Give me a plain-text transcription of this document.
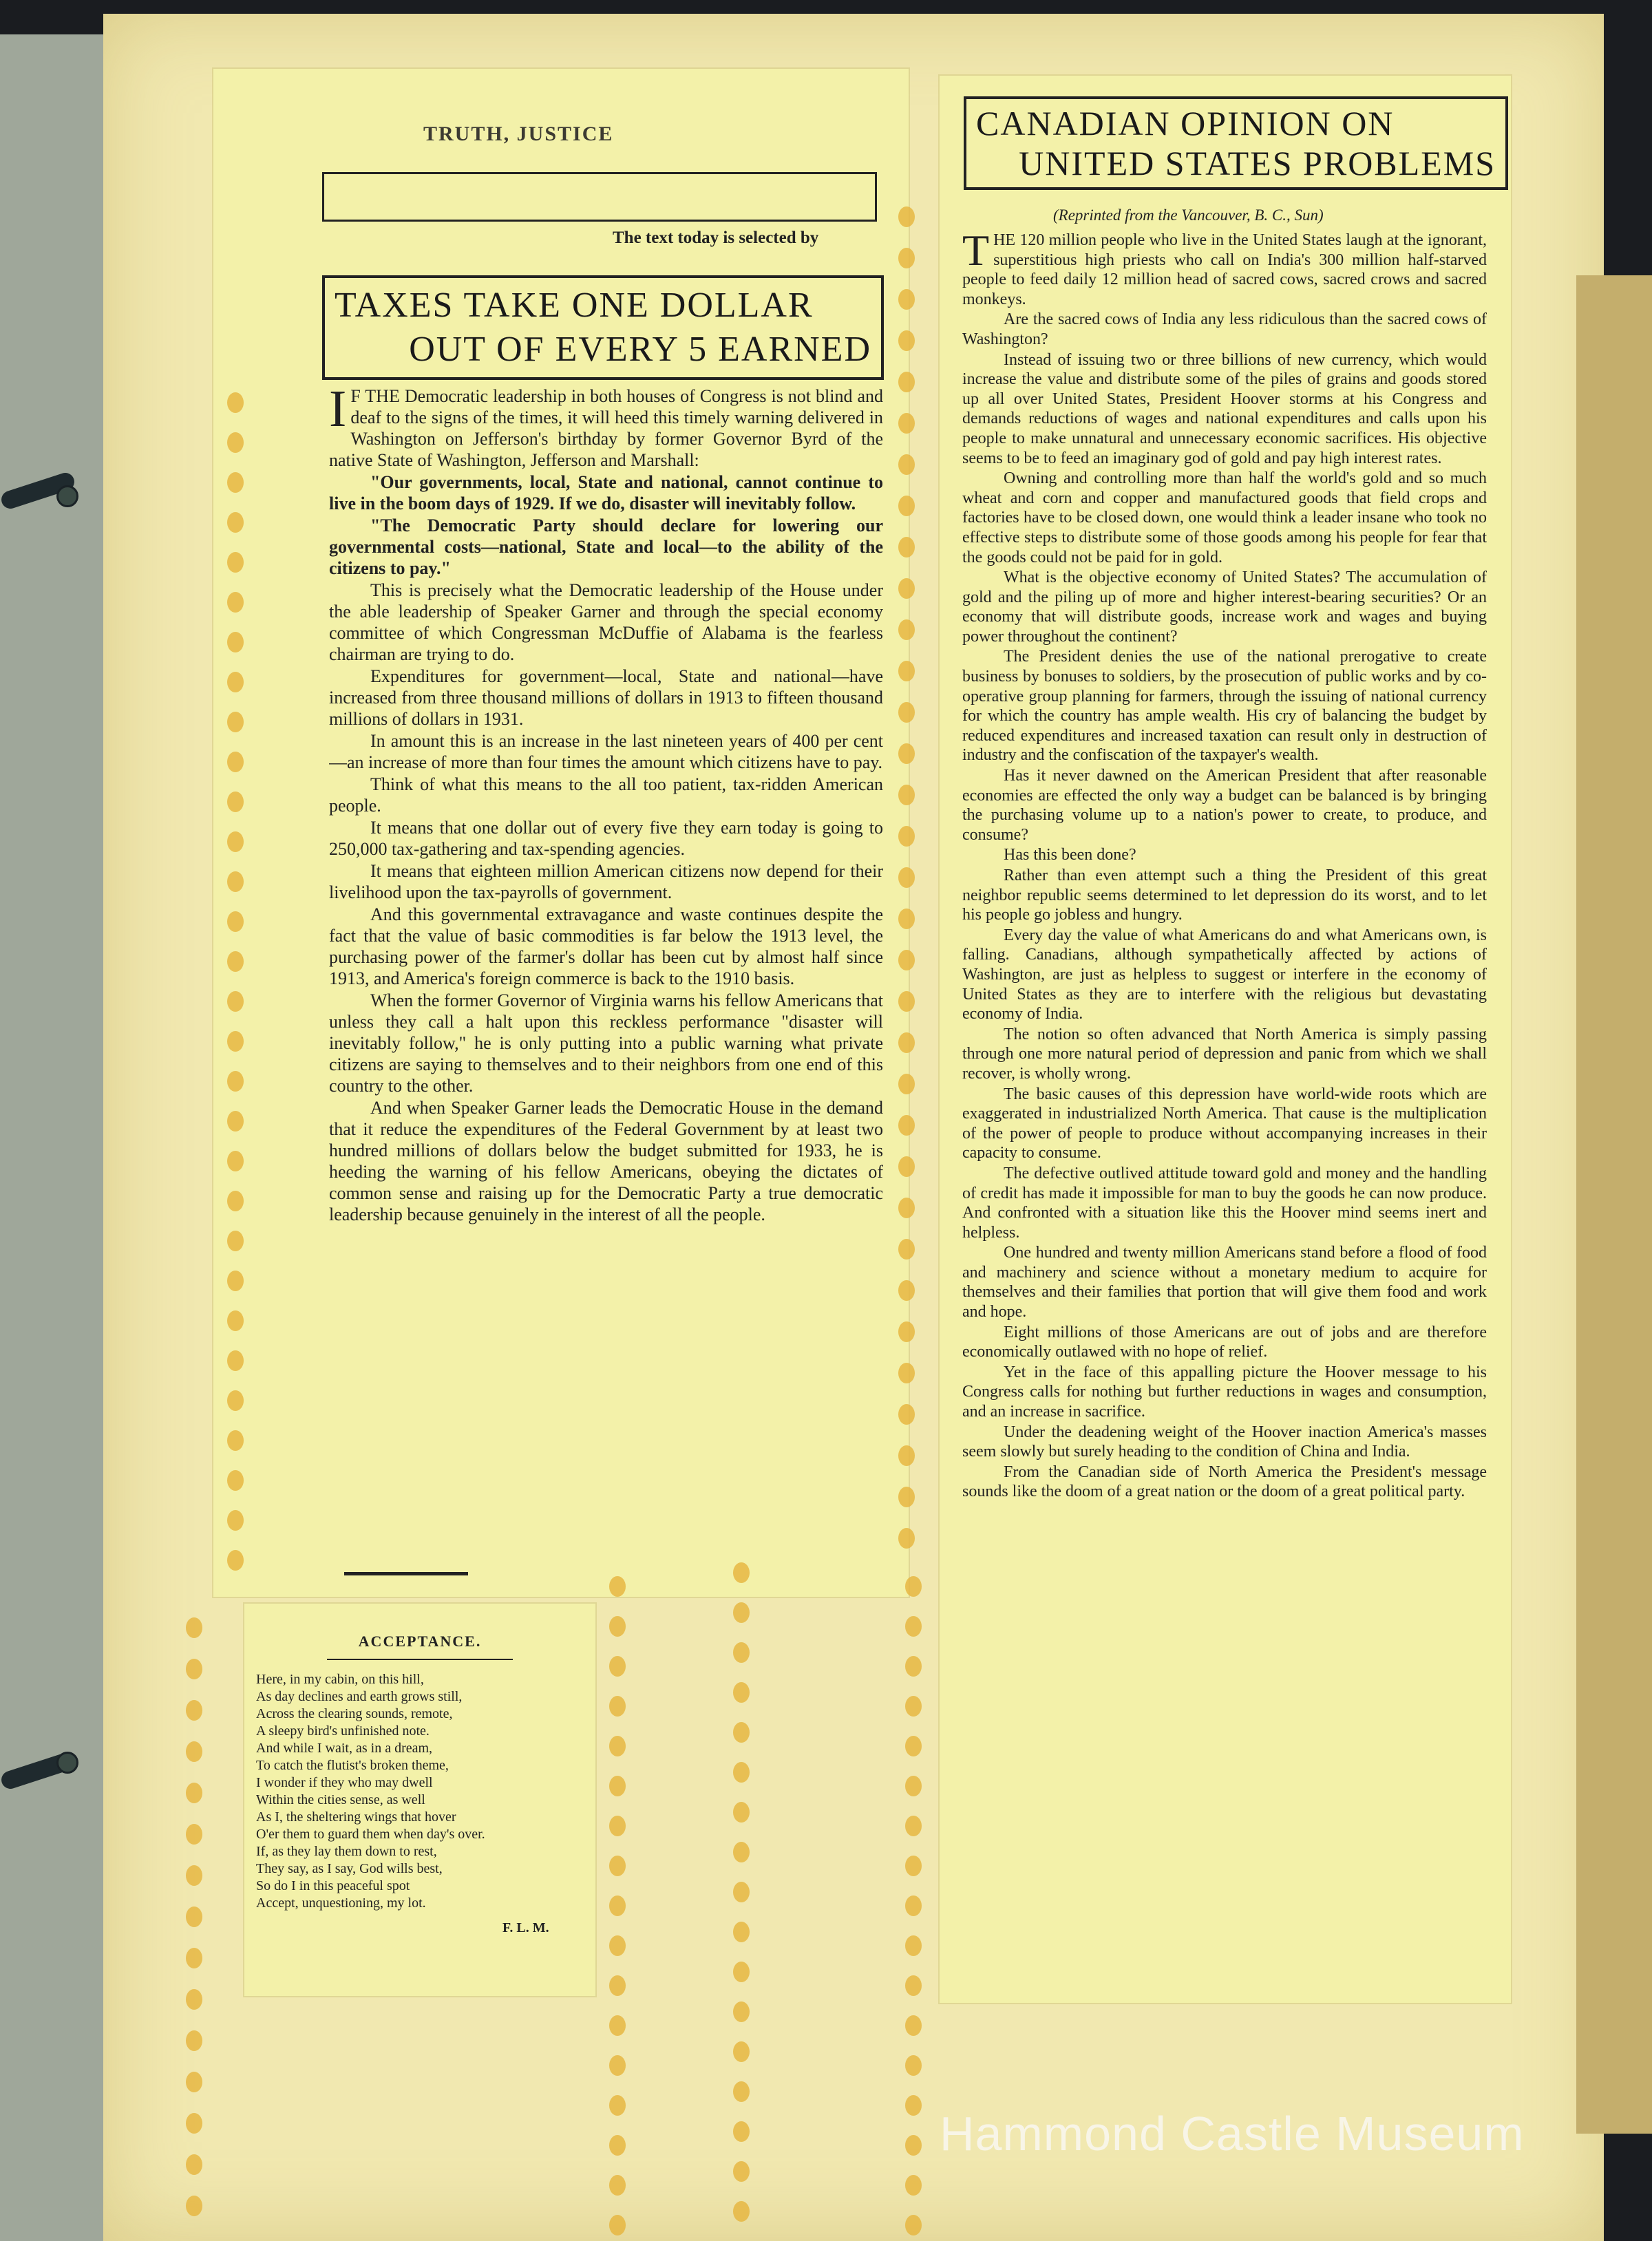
TRUTH, JUSTICE
The text today is selected by
TAXES TAKE ONE DOLLAR
OUT OF EVERY 5 EARNED

I F THE Democratic leadership in both houses of Congress is not blind and deaf to the signs of the times, it will heed this timely warning delivered in Washington on Jefferson's birthday by former Governor Byrd of the native State of Washington, Jefferson and Marshall:

"Our governments, local, State and national, cannot continue to live in the boom days of 1929. If we do, disaster will inevitably follow.

"The Democratic Party should declare for lowering our governmental costs—national, State and local—to the ability of the citizens to pay."

This is precisely what the Democratic leadership of the House under the able leadership of Speaker Garner and through the special economy committee of which Congressman McDuffie of Alabama is the fearless chairman are trying to do.

Expenditures for government—local, State and national—have increased from three thousand millions of dollars in 1913 to fifteen thousand millions of dollars in 1931.

In amount this is an increase in the last nineteen years of 400 per cent—an increase of more than four times the amount which citizens have to pay.

Think of what this means to the all too patient, tax-ridden American people.

It means that one dollar out of every five they earn today is going to 250,000 tax-gathering and tax-spending agencies.

It means that eighteen million American citizens now depend for their livelihood upon the tax-payrolls of government.

And this governmental extravagance and waste continues despite the fact that the value of basic commodities is far below the 1913 level, the purchasing power of the farmer's dollar has been cut by almost half since 1913, and America's foreign commerce is back to the 1910 basis.

When the former Governor of Virginia warns his fellow Americans that unless they call a halt upon this reckless performance "disaster will inevitably follow," he is only putting into a public warning what private citizens are saying to themselves and to their neighbors from one end of this country to the other.

And when Speaker Garner leads the Democratic House in the demand that it reduce the expenditures of the Federal Government by at least two hundred millions of dollars below the budget submitted for 1933, he is heeding the warning of his fellow Americans, obeying the dictates of common sense and raising up for the Democratic Party a true democratic leadership because genuinely in the interest of all the people.

ACCEPTANCE.
Here, in my cabin, on this hill,
As day declines and earth grows still,
Across the clearing sounds, remote,
A sleepy bird's unfinished note.
And while I wait, as in a dream,
To catch the flutist's broken theme,
I wonder if they who may dwell
Within the cities sense, as well
As I, the sheltering wings that hover
O'er them to guard them when day's over.
If, as they lay them down to rest,
They say, as I say, God wills best,
So do I in this peaceful spot
Accept, unquestioning, my lot.
F. L. M.
CANADIAN OPINION ON
UNITED STATES PROBLEMS
(Reprinted from the Vancouver, B. C., Sun)

THE 120 million people who live in the United States laugh at the ignorant, superstitious high priests who call on India's 300 million half-starved people to feed daily 12 million head of sacred cows, sacred crows and sacred monkeys.

Are the sacred cows of India any less ridiculous than the sacred cows of Washington?

Instead of issuing two or three billions of new currency, which would increase the value and distribute some of the piles of grains and goods stored up all over United States, President Hoover storms at his Congress and demands reductions of wages and national expenditures and calls upon his people to make unnatural and unnecessary economic sacrifices. His objective seems to be to feed an imaginary god of gold and pay high interest rates.

Owning and controlling more than half the world's gold and so much wheat and corn and copper and manufactured goods that field crops and factories have to be closed down, one would think a leader insane who took no effective steps to distribute some of those goods among his people for fear that the goods could not be paid for in gold.

What is the objective economy of United States? The accumulation of gold and the piling up of more and higher interest-bearing securities? Or an economy that will distribute goods, increase work and wages and buying power throughout the continent?

The President denies the use of the national prerogative to create business by bonuses to soldiers, by the prosecution of public works and by co-operative group planning for farmers, through the issuing of national currency for which the country has ample wealth. His cry of balancing the budget by reduced expenditures and increased taxation can result only in destruction of industry and the confiscation of the taxpayer's wealth.

Has it never dawned on the American President that after reasonable economies are effected the only way a budget can be balanced is by bringing the purchasing volume up to a nation's power to create, to produce, and consume?

Has this been done?

Rather than even attempt such a thing the President of this great neighbor republic seems determined to let depression do its worst, and to let his people go jobless and hungry.

Every day the value of what Americans do and what Americans own, is falling. Canadians, although sympathetically affected by actions of Washington, are just as helpless to suggest or interfere in the economy of United States as they are to interfere with the religious but devastating economy of India.

The notion so often advanced that North America is simply passing through one more natural period of depression and panic from which we shall recover, is wholly wrong.

The basic causes of this depression have world-wide roots which are exaggerated in industrialized North America. That cause is the multiplication of the power of people to produce without accompanying increases in their capacity to consume.

The defective outlived attitude toward gold and money and the handling of credit has made it impossible for man to buy the goods he can now produce. And confronted with a situation like this the Hoover mind seems inert and helpless.

One hundred and twenty million Americans stand before a flood of food and machinery and science without a monetary medium to acquire for themselves and their families that portion that will give them food and work and hope.

Eight millions of those Americans are out of jobs and are therefore economically outlawed with no hope of relief.

Yet in the face of this appalling picture the Hoover message to his Congress calls for nothing but further reductions in wages and consumption, and an increase in sacrifice.

Under the deadening weight of the Hoover inaction America's masses seem slowly but surely heading to the condition of China and India.

From the Canadian side of North America the President's message sounds like the doom of a great nation or the doom of a great political party.

Hammond Castle Museum
